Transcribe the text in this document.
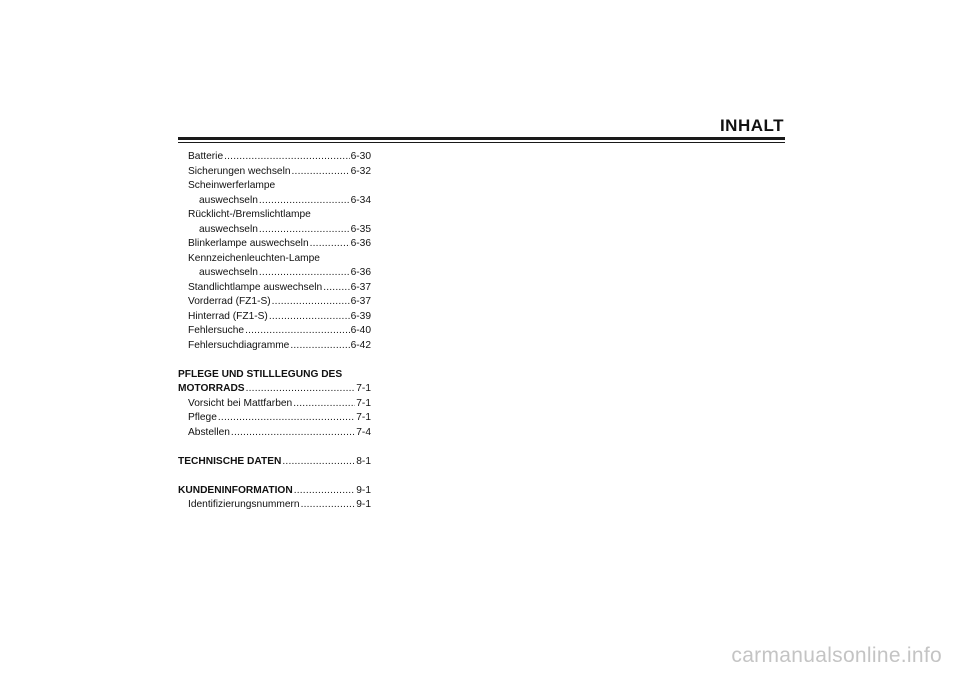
INHALT
Batterie .....	6-30
Sicherungen wechseln .....	6-32
Scheinwerferlampe
auswechseln .....	6-34
Rücklicht-/Bremslichtlampe
auswechseln .....	6-35
Blinkerlampe auswechseln .....	6-36
Kennzeichenleuchten-Lampe
auswechseln .....	6-36
Standlichtlampe auswechseln .....	6-37
Vorderrad (FZ1-S) .....	6-37
Hinterrad (FZ1-S) .....	6-39
Fehlersuche .....	6-40
Fehlersuchdiagramme .....	6-42
PFLEGE UND STILLLEGUNG DES
MOTORRADS .....	7-1
Vorsicht bei Mattfarben .....	7-1
Pflege .....	7-1
Abstellen .....	7-4
TECHNISCHE DATEN .....	8-1
KUNDENINFORMATION .....	9-1
Identifizierungsnummern .....	9-1
carmanualsonline.info
